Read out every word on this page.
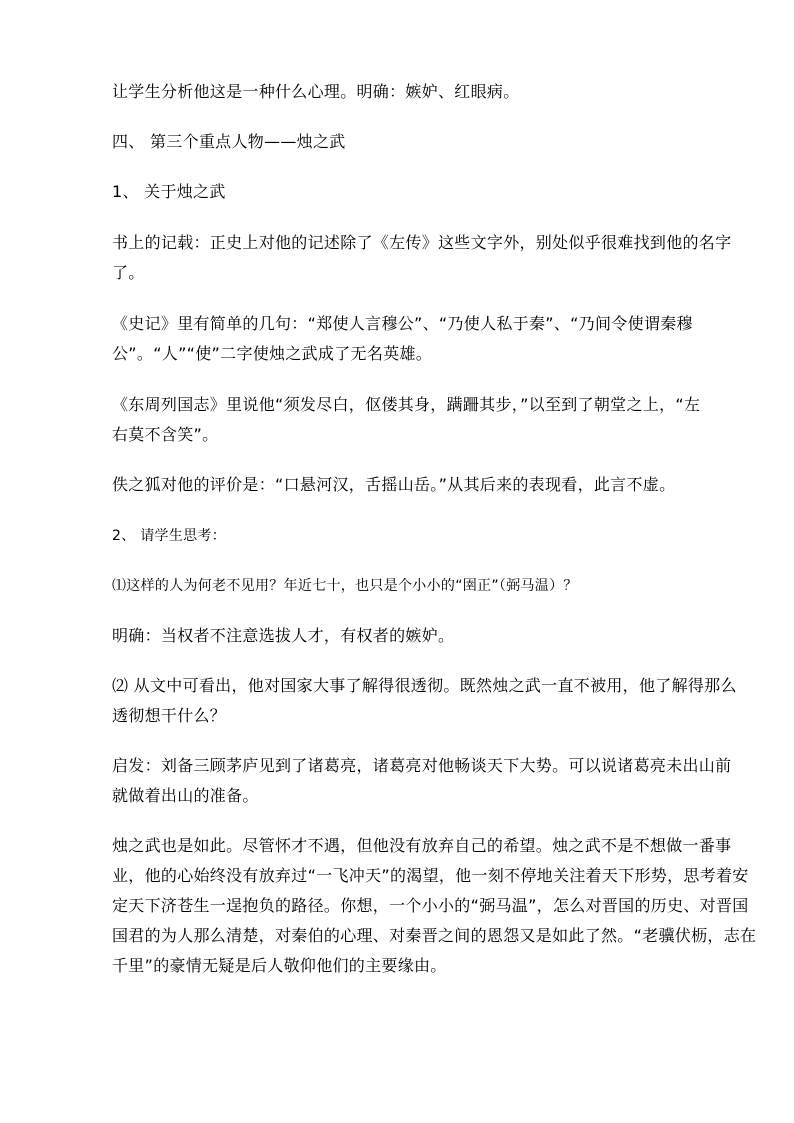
让学生分析他这是一种什么心理。明确：嫉妒、红眼病。
四、 第三个重点人物——烛之武
1、 关于烛之武
书上的记载：正史上对他的记述除了《左传》这些文字外，别处似乎很难找到他的名字
了。
《史记》里有简单的几句：“郑使人言穆公”、“乃使人私于秦”、“乃间令使谓秦穆
公”。“人”“使”二字使烛之武成了无名英雄。
《东周列国志》里说他“须发尽白，伛偻其身，蹒跚其步，”以至到了朝堂之上，“左
右莫不含笑”。
佚之狐对他的评价是：“口悬河汉，舌摇山岳。”从其后来的表现看，此言不虚。
2、 请学生思考：
⑴这样的人为何老不见用？年近七十，也只是个小小的“圉正”（弼马温）？
明确：当权者不注意选拔人才，有权者的嫉妒。
⑵ 从文中可看出，他对国家大事了解得很透彻。既然烛之武一直不被用，他了解得那么
透彻想干什么？
启发：刘备三顾茅庐见到了诸葛亮，诸葛亮对他畅谈天下大势。可以说诸葛亮未出山前
就做着出山的准备。
烛之武也是如此。尽管怀才不遇，但他没有放弃自己的希望。烛之武不是不想做一番事
业，他的心始终没有放弃过“一飞冲天”的渴望，他一刻不停地关注着天下形势，思考着安
定天下济苍生一逞抱负的路径。你想，一个小小的“弼马温”，怎么对晋国的历史、对晋国
国君的为人那么清楚，对秦伯的心理、对秦晋之间的恩怨又是如此了然。“老骥伏枥，志在
千里”的豪情无疑是后人敬仰他们的主要缘由。
